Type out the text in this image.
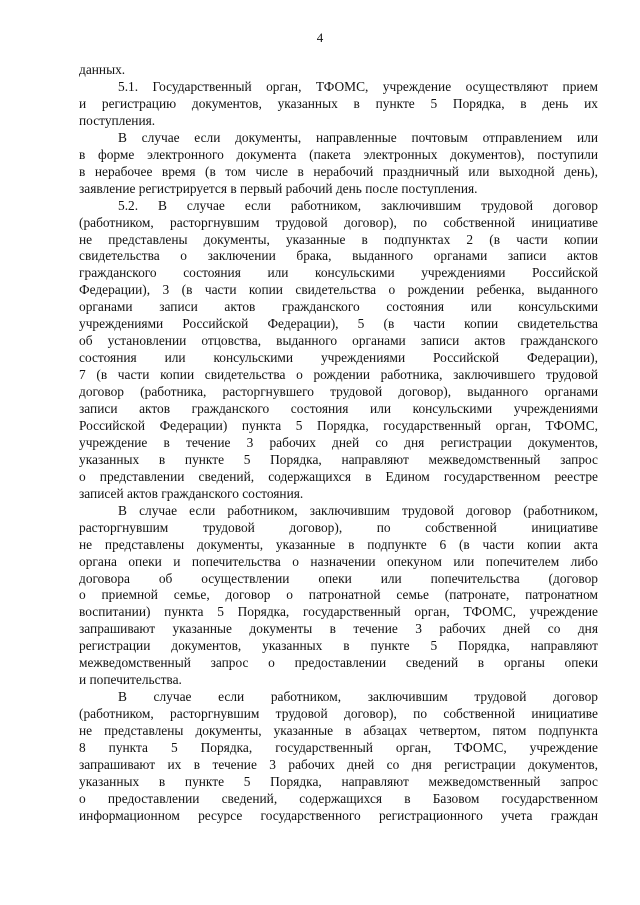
4
данных.
5.1. Государственный орган, ТФОМС, учреждение осуществляют прием
и регистрацию документов, указанных в пункте 5 Порядка, в день их
поступления.
В случае если документы, направленные почтовым отправлением или
в форме электронного документа (пакета электронных документов), поступили
в нерабочее время (в том числе в нерабочий праздничный или выходной день),
заявление регистрируется в первый рабочий день после поступления.
5.2. В случае если работником, заключившим трудовой договор
(работником, расторгнувшим трудовой договор), по собственной инициативе
не представлены документы, указанные в подпунктах 2 (в части копии
свидетельства о заключении брака, выданного органами записи актов
гражданского состояния или консульскими учреждениями Российской
Федерации), 3 (в части копии свидетельства о рождении ребенка, выданного
органами записи актов гражданского состояния или консульскими
учреждениями Российской Федерации), 5 (в части копии свидетельства
об установлении отцовства, выданного органами записи актов гражданского
состояния или консульскими учреждениями Российской Федерации),
7 (в части копии свидетельства о рождении работника, заключившего трудовой
договор (работника, расторгнувшего трудовой договор), выданного органами
записи актов гражданского состояния или консульскими учреждениями
Российской Федерации) пункта 5 Порядка, государственный орган, ТФОМС,
учреждение в течение 3 рабочих дней со дня регистрации документов,
указанных в пункте 5 Порядка, направляют межведомственный запрос
о представлении сведений, содержащихся в Едином государственном реестре
записей актов гражданского состояния.
В случае если работником, заключившим трудовой договор (работником,
расторгнувшим трудовой договор), по собственной инициативе
не представлены документы, указанные в подпункте 6 (в части копии акта
органа опеки и попечительства о назначении опекуном или попечителем либо
договора об осуществлении опеки или попечительства (договор
о приемной семье, договор о патронатной семье (патронате, патронатном
воспитании) пункта 5 Порядка, государственный орган, ТФОМС, учреждение
запрашивают указанные документы в течение 3 рабочих дней со дня
регистрации документов, указанных в пункте 5 Порядка, направляют
межведомственный запрос о предоставлении сведений в органы опеки
и попечительства.
В случае если работником, заключившим трудовой договор
(работником, расторгнувшим трудовой договор), по собственной инициативе
не представлены документы, указанные в абзацах четвертом, пятом подпункта
8 пункта 5 Порядка, государственный орган, ТФОМС, учреждение
запрашивают их в течение 3 рабочих дней со дня регистрации документов,
указанных в пункте 5 Порядка, направляют межведомственный запрос
о предоставлении сведений, содержащихся в Базовом государственном
информационном ресурсе государственного регистрационного учета граждан
